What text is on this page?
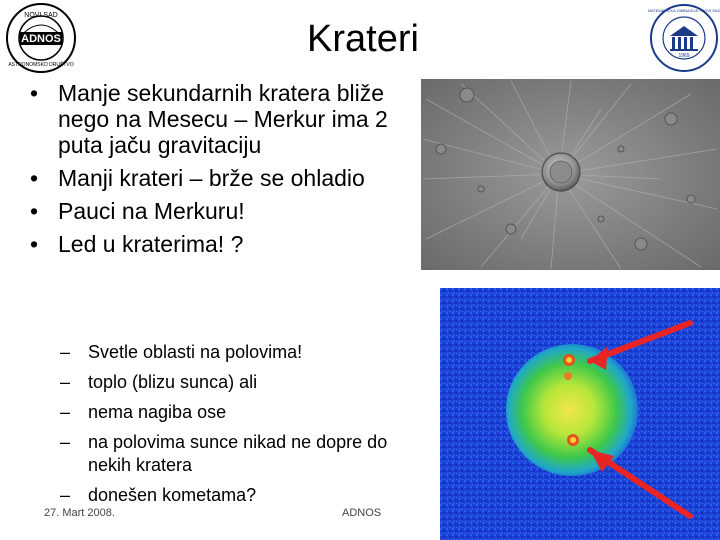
NOVI SAD
ADNOS
ASTRONOMSKO DRUŠTVO
1969
MATEMATIČKA GIMNAZIJA · NOVI SAD
Krateri
• Manje sekundarnih kratera bliže nego na Mesecu – Merkur ima 2 puta jaču gravitaciju
• Manji krateri – brže se ohladio
• Pauci na Merkuru!
• Led u kraterima! ?
– Svetle oblasti na polovima!
– toplo (blizu sunca) ali
– nema nagiba ose
– na polovima sunce nikad ne dopre do nekih kratera
– donešen kometama?
27. Mart 2008.	ADNOS
